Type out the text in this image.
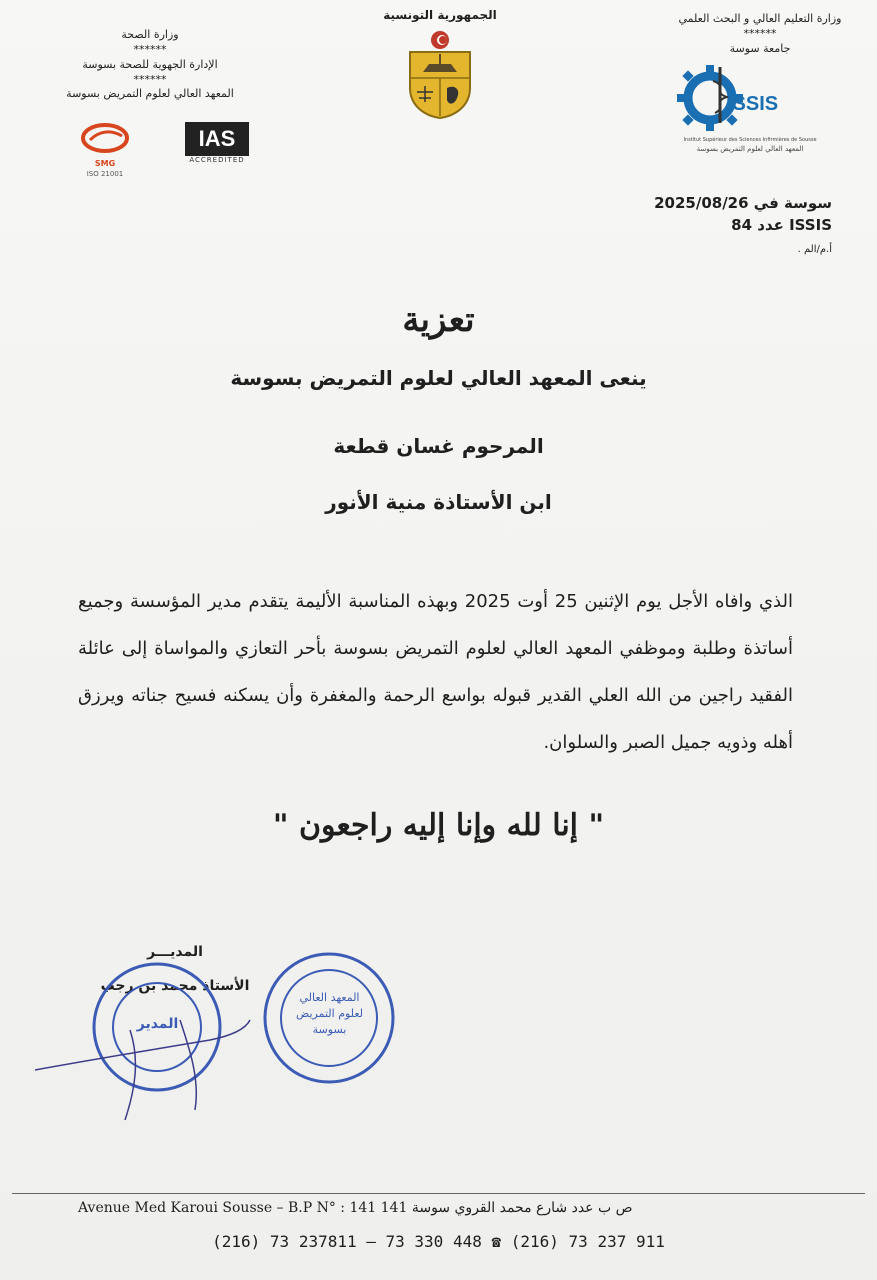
وزارة التعليم العالي و البحث العلمي
******
جامعة سوسة
ISSIS
Institut Supérieur des Sciences Infirmières de Sousse
المعهد العالي لعلوم التمريض بسوسة
الجمهورية التونسية
وزارة الصحة
******
الإدارة الجهوية للصحة بسوسة
******
المعهد العالي لعلوم التمريض بسوسة
SMG
ISO 21001
IAS
ACCREDITED
سوسة في 2025/08/26
ISSIS عدد 84
أ.م/الم .
تعزية
ينعى المعهد العالي لعلوم التمريض بسوسة
المرحوم غسان قطعة
ابن الأستاذة منية الأنور
الذي وافاه الأجل يوم الإثنين 25 أوت 2025 وبهذه المناسبة الأليمة يتقدم مدير المؤسسة وجميع أساتذة وطلبة وموظفي المعهد العالي لعلوم التمريض بسوسة بأحر التعازي والمواساة إلى عائلة الفقيد راجين من الله العلي القدير قبوله بواسع الرحمة والمغفرة وأن يسكنه فسيح جناته ويرزق أهله وذويه جميل الصبر والسلوان.
" إنا لله وإنا إليه راجعون "
المديـــر
الأستاذ محمد بن رجب
المدير
المعهد العالي لعلوم التمريض بسوسة
Avenue Med Karoui Sousse – B.P N° : 141 141 ص ب عدد شارع محمد القروي سوسة
(216) 73 237811 – 73 330 448 ☎ (216) 73 237 911
